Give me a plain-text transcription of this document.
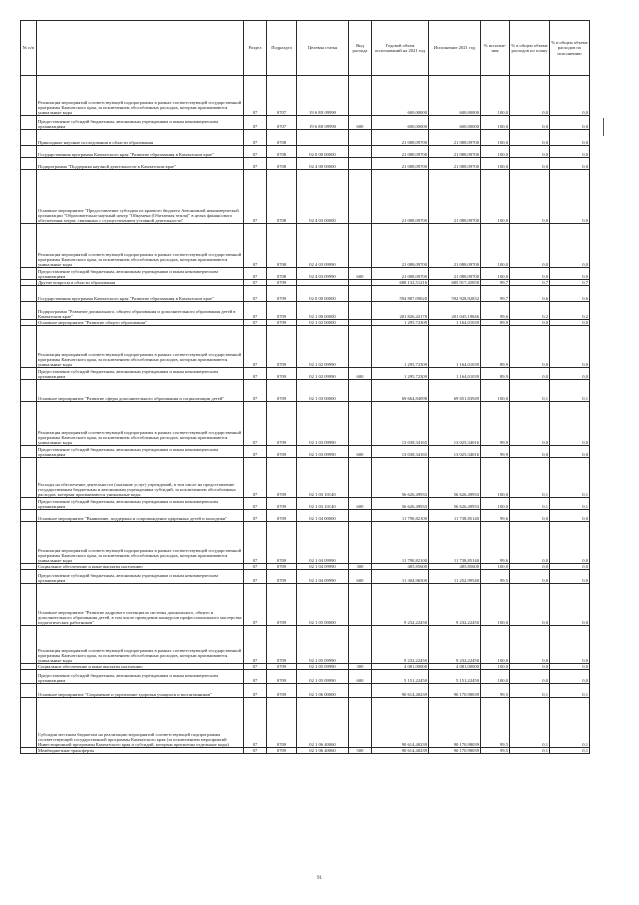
№ п/п		Раздел	Подраздел	Целевая статья	Вид расхода	Годовой объем ассигнований на 2021 год	Исполнение 2021 год	% исполне-ния	% в общем объеме расходов по плану	% в общем объеме расходов по исполнению
	Реализация мероприятий соответствующей подпрограммы в рамках соответствующей государственной программы Камчатского края, за исключением обособленных расходов, которым присваиваются уникальные коды	07	0707	19 6 E8 09990		600,00000	600,00000	100,0	0,0	0,0
	Предоставление субсидий бюджетным, автономным учреждениям и иным некоммерческим организациям	07	0707	19 6 E8 09990	600	600,00000	600,00000	100,0	0,0	0,0
	Прикладные научные исследования в области образования	07	0708			21 088,09700	21 088,09700	100,0	0,0	0,0
	Государственная программа Камчатского края "Развитие образования в Камчатском крае"	07	0708	02 0 00 00000		21 088,09700	21 088,09700	100,0	0,0	0,0
	Подпрограмма "Поддержка научной деятельности в Камчатском крае"	07	0708	02 4 00 00000		21 088,09700	21 088,09700	100,0	0,0	0,0
	Основное мероприятие "Предоставление субсидии из краевого бюджета Автономной некоммерческой организации "Образовательно-научный центр "Ойкумена (Обитаемая земля)" в целях финансового обеспечения затрат, связанных с осуществлением уставной деятельности"	07	0708	02 4 03 00000		21 088,09700	21 088,09700	100,0	0,0	0,0
	Реализация мероприятий соответствующей подпрограммы в рамках соответствующей государственной программы Камчатского края, за исключением обособленных расходов, которым присваиваются уникальные коды	07	0708	02 4 03 09990		21 088,09700	21 088,09700	100,0	0,0	0,0
	Предоставление субсидий бюджетным, автономным учреждениям и иным некоммерческим организациям	07	0708	02 4 03 09990	600	21 088,09700	21 088,09700	100,0	0,0	0,0
	Другие вопросы в области образования	07	0709			688 132,51216	685 917,45858	99,7	0,7	0,7
	Государственная программа Камчатского края "Развитие образования в Камчатском крае"	07	0709	02 0 00 00000		594 887,09020	592 928,92832	99,7	0,6	0,6
	Подпрограмма "Развитие дошкольного, общего образования и дополнительного образования детей в Камчатском крае"	07	0709	02 1 00 00000		201 826,42178	201 045,19846	99,6	0,2	0,2
	Основное мероприятие "Развитие общего образования"	07	0709	02 1 02 00000		1 295,72309	1 164,01039	89,9	0,0	0,0
	Реализация мероприятий соответствующей подпрограммы в рамках соответствующей государственной программы Камчатского края, за исключением обособленных расходов, которым присваиваются уникальные коды	07	0709	02 1 02 09990		1 295,72309	1 164,01039	89,9	0,0	0,0
	Предоставление субсидий бюджетным, автономным учреждениям и иным некоммерческим организациям	07	0709	02 1 02 09990	600	1 295,72309	1 164,01039	89,9	0,0	0,0
	Основное мероприятие "Развитие сферы дополнительного образования и социализации детей"	07	0709	02 1 03 00000		69 664,84098	69 651,83949	100,0	0,1	0,1
	Реализация мероприятий соответствующей подпрограммы в рамках соответствующей государственной программы Камчатского края, за исключением обособленных расходов, которым присваиваются уникальные коды	07	0709	02 1 03 09990		13 038,34165	13 025,34016	99,9	0,0	0,0
	Предоставление субсидий бюджетным, автономным учреждениям и иным некоммерческим организациям	07	0709	02 1 03 09990	600	13 038,34165	13 025,34016	99,9	0,0	0,0
	Расходы на обеспечение деятельности (оказание услуг) учреждений, в том числе на предоставление государственным бюджетным и автономным учреждениям субсидий, за исключением обособленных расходов, которым присваиваются уникальные коды	07	0709	02 1 03 10140		56 626,49933	56 626,49933	100,0	0,1	0,1
	Предоставление субсидий бюджетным, автономным учреждениям и иным некоммерческим организациям	07	0709	02 1 03 10140	600	56 626,49933	56 626,49933	100,0	0,1	0,1
	Основное мероприятие "Выявление, поддержка и сопровождение одаренных детей и молодежи"	07	0709	02 1 04 00000		11 790,82100	11 738,85140	99,6	0,0	0,0
	Реализация мероприятий соответствующей подпрограммы в рамках соответствующей государственной программы Камчатского края, за исключением обособленных расходов, которым присваиваются уникальные коды	07	0709	02 1 04 09990		11 790,82100	11 738,85140	99,6	0,0	0,0
	Социальное обеспечение и иные выплаты населению	07	0709	02 1 04 09990	300	485,85600	485,85600	100,0	0,0	0,0
	Предоставление субсидий бюджетным, автономным учреждениям и иным некоммерческим организациям	07	0709	02 1 04 09990	600	11 304,96500	11 252,99540	99,5	0,0	0,0
	Основное мероприятие "Развитие кадрового потенциала системы дошкольного, общего и дополнительного образования детей, в том числе проведение конкурсов профессионального мастерства педагогических работников"	07	0709	02 1 05 00000		9 232,22450	9 232,22450	100,0	0,0	0,0
	Реализация мероприятий соответствующей подпрограммы в рамках соответствующей государственной программы Камчатского края, за исключением обособленных расходов, которым присваиваются уникальные коды	07	0709	02 1 05 09990		9 232,22450	9 232,22450	100,0	0,0	0,0
	Социальное обеспечение и иные выплаты населению	07	0709	02 1 05 09990	300	4 081,00000	4 081,00000	100,0	0,0	0,0
	Предоставление субсидий бюджетным, автономным учреждениям и иным некоммерческим организациям	07	0709	02 1 05 09990	600	5 151,22450	5 151,22450	100,0	0,0	0,0
	Основное мероприятие "Сохранение и укрепление здоровья учащихся и воспитанников"	07	0709	02 1 06 00000		90 614,40239	90 170,98039	99,5	0,1	0,1
	Субсидии местным бюджетам на реализацию мероприятий соответствующей подпрограммы соответствующей государственной программы Камчатского края (за исключением мероприятий Инвестиционной программы Камчатского края и субсидий, которым присвоены отдельные коды)	07	0709	02 1 06 40060		90 614,40239	90 170,98039	99,5	0,1	0,1
	Межбюджетные трансферты	07	0709	02 1 06 40060	500	90 614,40239	90 170,98039	99,5	0,1	0,1
91
